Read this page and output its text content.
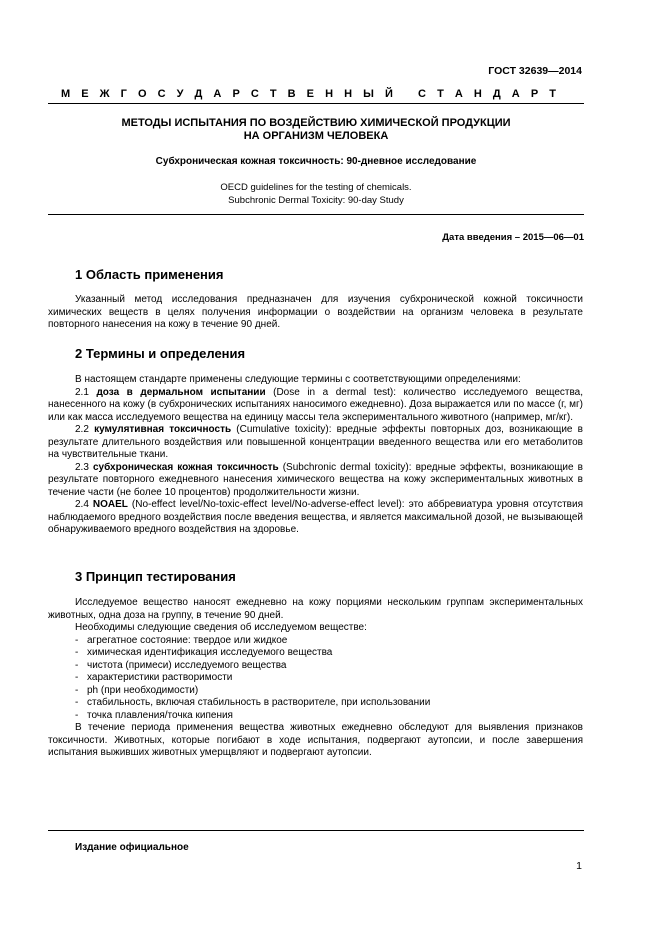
ГОСТ 32639—2014
М Е Ж Г О С У Д А Р С Т В Е Н Н Ы Й
С Т А Н Д А Р Т
МЕТОДЫ ИСПЫТАНИЯ ПО ВОЗДЕЙСТВИЮ ХИМИЧЕСКОЙ ПРОДУКЦИИ
НА ОРГАНИЗМ ЧЕЛОВЕКА
Субхроническая кожная токсичность: 90-дневное исследование
OECD guidelines for the testing of chemicals.
Subchronic Dermal Toxicity: 90-day Study
Дата введения – 2015—06—01
1 Область применения

Указанный метод исследования предназначен для изучения субхронической кожной токсичности химических веществ в целях получения информации о воздействии на организм человека в результате повторного нанесения на кожу в течение 90 дней.

2 Термины и определения

В настоящем стандарте применены следующие термины с соответствующими определениями:

2.1 доза в дермальном испытании (Dose in a dermal test): количество исследуемого вещества, нанесенного на кожу (в субхронических испытаниях наносимого ежедневно). Доза выражается или по массе (г, мг) или как масса исследуемого вещества на единицу массы тела экспериментального животного (например, мг/кг).

2.2 кумулятивная токсичность (Cumulative toxicity): вредные эффекты повторных доз, возникающие в результате длительного воздействия или повышенной концентрации введенного вещества или его метаболитов на чувствительные ткани.

2.3 субхроническая кожная токсичность (Subchronic dermal toxicity): вредные эффекты, возникающие в результате повторного ежедневного нанесения химического вещества на кожу экспериментальных животных в течение части (не более 10 процентов) продолжительности жизни.

2.4 NOAEL (No-effect level/No-toxic-effect level/No-adverse-effect level): это аббревиатура уровня отсутствия наблюдаемого вредного воздействия после введения вещества, и является максимальной дозой, не вызывающей обнаруживаемого вредного воздействия на здоровье.

3 Принцип тестирования

Исследуемое вещество наносят ежедневно на кожу порциями нескольким группам экспериментальных животных, одна доза на группу, в течение 90 дней.

Необходимы следующие сведения об исследуемом веществе:

- агрегатное состояние: твердое или жидкое
- химическая идентификация исследуемого вещества
- чистота (примеси) исследуемого вещества
- характеристики растворимости
- ph (при необходимости)
- стабильность, включая стабильность в растворителе, при использовании
- точка плавления/точка кипения

В течение периода применения вещества животных ежедневно обследуют для выявления признаков токсичности. Животных, которые погибают в ходе испытания, подвергают аутопсии, и после завершения испытания выживших животных умерщвляют и подвергают аутопсии.

Издание официальное
1
